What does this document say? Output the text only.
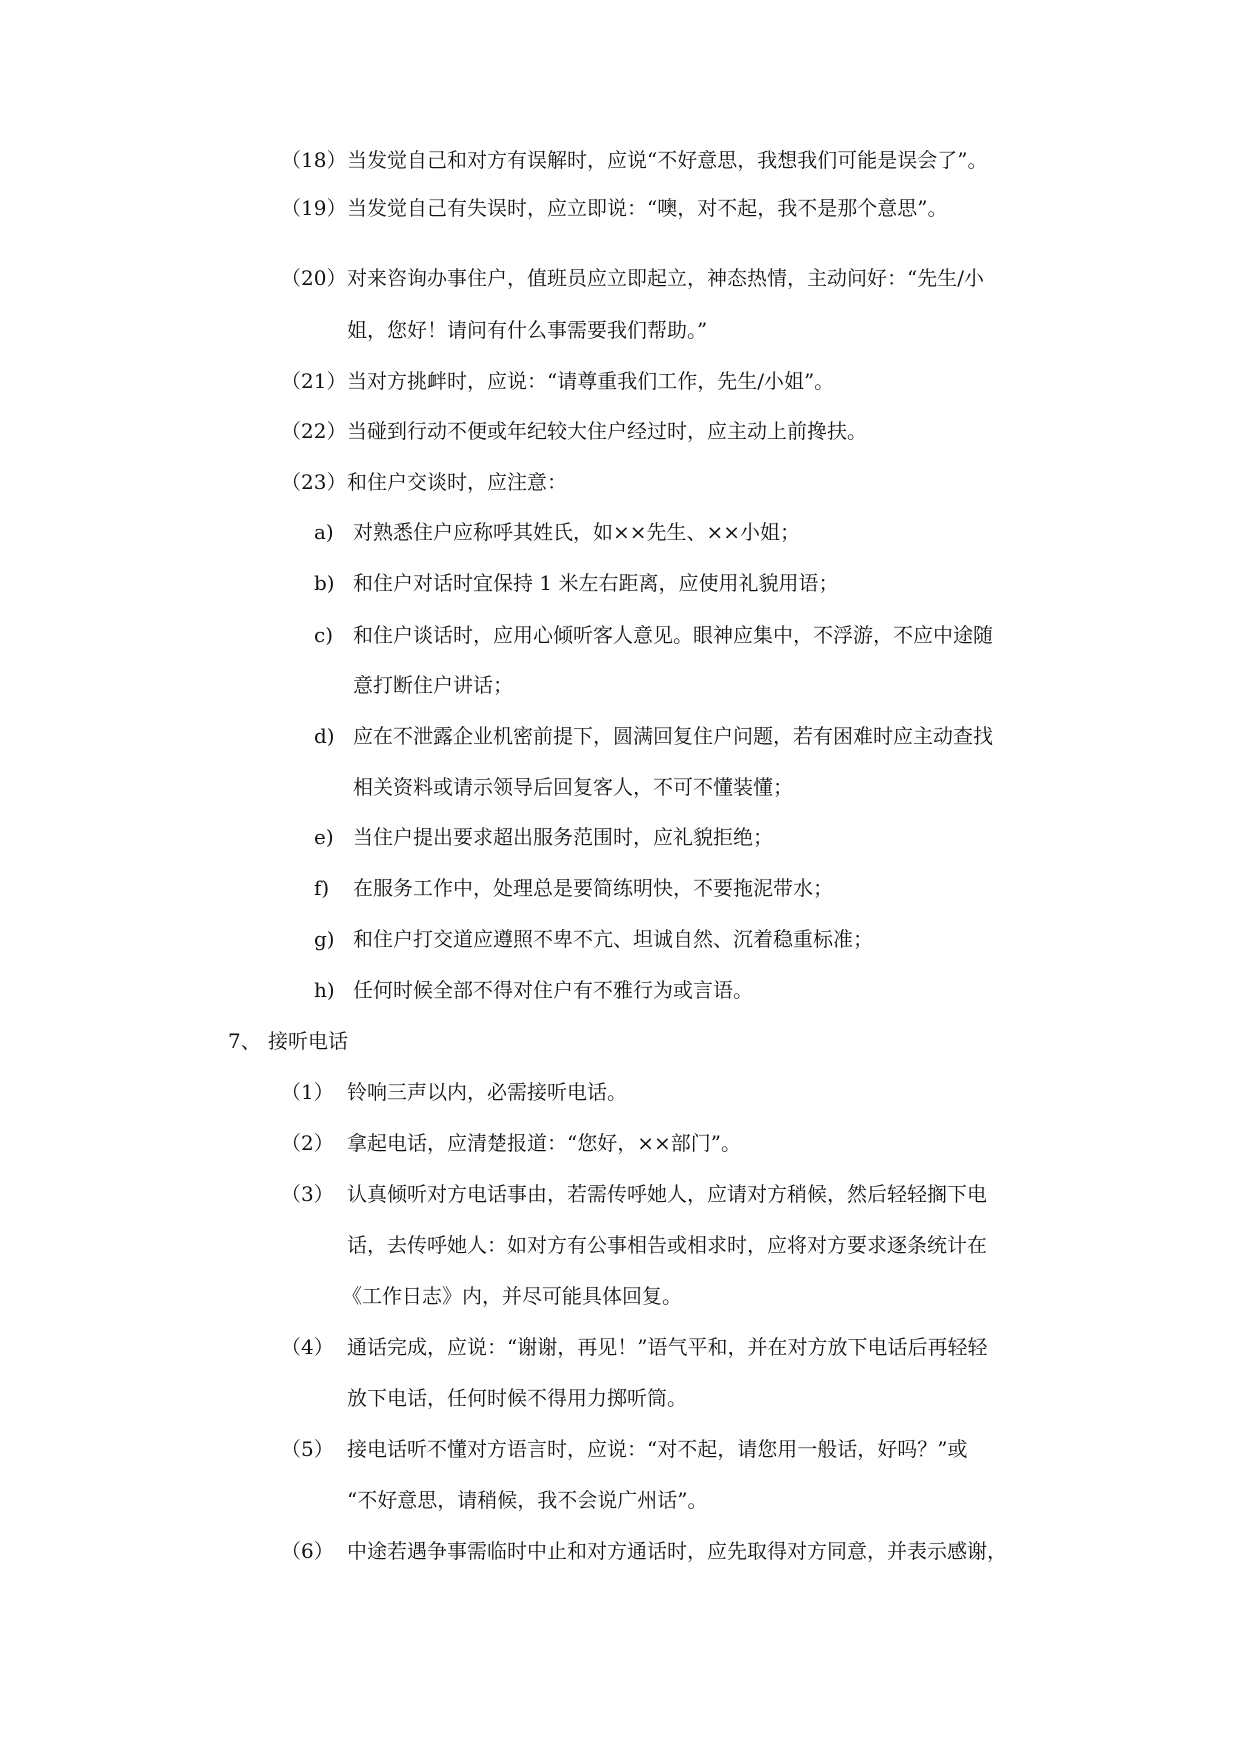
（18） 当发觉自己和对方有误解时，应说“不好意思，我想我们可能是误会了”。
（19） 当发觉自己有失误时，应立即说：“噢，对不起，我不是那个意思”。
（20） 对来咨询办事住户，值班员应立即起立，神态热情，主动问好：“先生/小
姐，您好！请问有什么事需要我们帮助。”
（21） 当对方挑衅时，应说：“请尊重我们工作，先生/小姐”。
（22） 当碰到行动不便或年纪较大住户经过时，应主动上前搀扶。
（23） 和住户交谈时，应注意：
a) 对熟悉住户应称呼其姓氏，如××先生、××小姐；
b) 和住户对话时宜保持 1 米左右距离，应使用礼貌用语；
c) 和住户谈话时，应用心倾听客人意见。眼神应集中，不浮游，不应中途随
意打断住户讲话；
d) 应在不泄露企业机密前提下，圆满回复住户问题，若有困难时应主动查找
相关资料或请示领导后回复客人，不可不懂装懂；
e) 当住户提出要求超出服务范围时，应礼貌拒绝；
f) 在服务工作中，处理总是要简练明快，不要拖泥带水；
g) 和住户打交道应遵照不卑不亢、坦诚自然、沉着稳重标准；
h) 任何时候全部不得对住户有不雅行为或言语。
7、 接听电话
（1） 铃响三声以内，必需接听电话。
（2） 拿起电话，应清楚报道：“您好，××部门”。
（3） 认真倾听对方电话事由，若需传呼她人，应请对方稍候，然后轻轻搁下电
话，去传呼她人：如对方有公事相告或相求时，应将对方要求逐条统计在
《工作日志》内，并尽可能具体回复。
（4） 通话完成，应说：“谢谢，再见！”语气平和，并在对方放下电话后再轻轻
放下电话，任何时候不得用力掷听筒。
（5） 接电话听不懂对方语言时，应说：“对不起，请您用一般话，好吗？”或
“不好意思，请稍候，我不会说广州话”。
（6） 中途若遇争事需临时中止和对方通话时，应先取得对方同意，并表示感谢，
